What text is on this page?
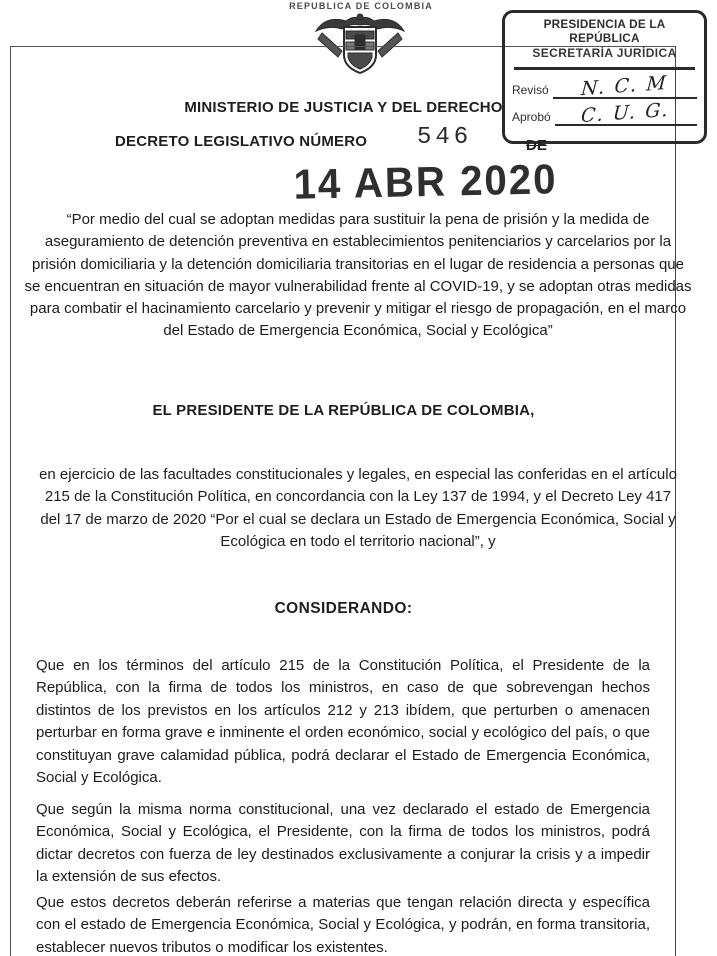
REPUBLICA DE COLOMBIA
PRESIDENCIA DE LA REPÚBLICA
SECRETARÍA JURÍDICA
Revisó	N. C. M
Aprobó	C. U. G.
MINISTERIO DE JUSTICIA Y DEL DERECHO
DECRETO LEGISLATIVO NÚMERO 546	DE
14 ABR 2020
“Por medio del cual se adoptan medidas para sustituir la pena de prisión y la medida de aseguramiento de detención preventiva en establecimientos penitenciarios y carcelarios por la prisión domiciliaria y la detención domiciliaria transitorias en el lugar de residencia a personas que se encuentran en situación de mayor vulnerabilidad frente al COVID-19, y se adoptan otras medidas para combatir el hacinamiento carcelario y prevenir y mitigar el riesgo de propagación, en el marco del Estado de Emergencia Económica, Social y Ecológica”
EL PRESIDENTE DE LA REPÚBLICA DE COLOMBIA,
en ejercicio de las facultades constitucionales y legales, en especial las conferidas en el artículo 215 de la Constitución Política, en concordancia con la Ley 137 de 1994, y el Decreto Ley 417 del 17 de marzo de 2020 “Por el cual se declara un Estado de Emergencia Económica, Social y Ecológica en todo el territorio nacional”, y
CONSIDERANDO:
Que en los términos del artículo 215 de la Constitución Política, el Presidente de la República, con la firma de todos los ministros, en caso de que sobrevengan hechos distintos de los previstos en los artículos 212 y 213 ibídem, que perturben o amenacen perturbar en forma grave e inminente el orden económico, social y ecológico del país, o que constituyan grave calamidad pública, podrá declarar el Estado de Emergencia Económica, Social y Ecológica.
Que según la misma norma constitucional, una vez declarado el estado de Emergencia Económica, Social y Ecológica, el Presidente, con la firma de todos los ministros, podrá dictar decretos con fuerza de ley destinados exclusivamente a conjurar la crisis y a impedir la extensión de sus efectos.
Que estos decretos deberán referirse a materias que tengan relación directa y específica con el estado de Emergencia Económica, Social y Ecológica, y podrán, en forma transitoria, establecer nuevos tributos o modificar los existentes.
